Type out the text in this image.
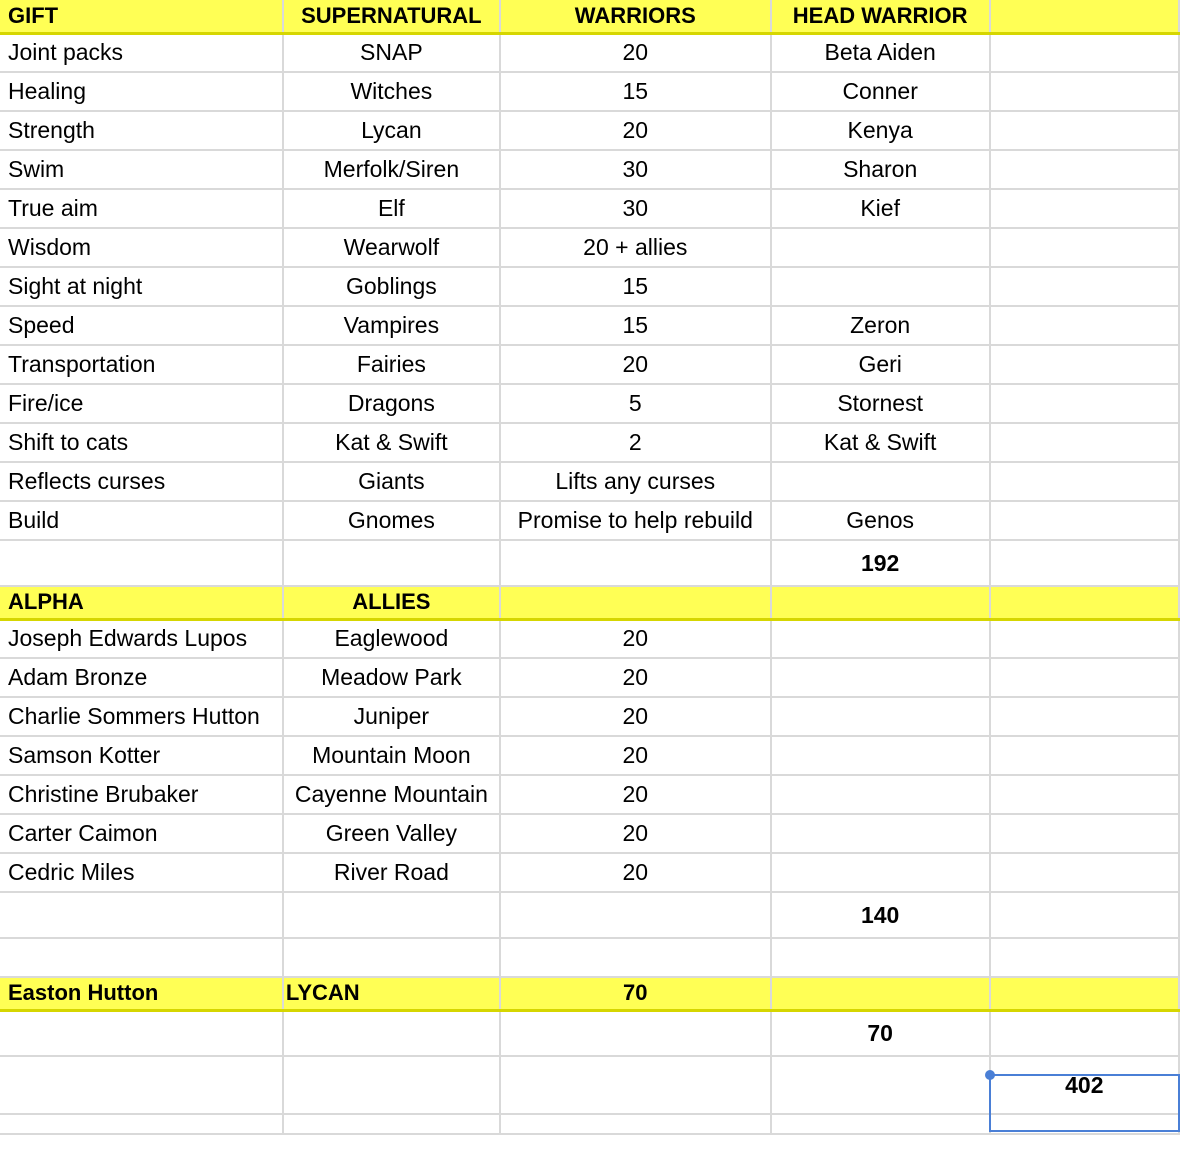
GIFT	SUPERNATURAL	WARRIORS	HEAD WARRIOR	
Joint packs	SNAP	20	Beta Aiden	
Healing	Witches	15	Conner	
Strength	Lycan	20	Kenya	
Swim	Merfolk/Siren	30	Sharon	
True aim	Elf	30	Kief	
Wisdom	Wearwolf	20 + allies		
Sight at night	Goblings	15		
Speed	Vampires	15	Zeron	
Transportation	Fairies	20	Geri	
Fire/ice	Dragons	5	Stornest	
Shift to cats	Kat & Swift	2	Kat & Swift	
Reflects curses	Giants	Lifts any curses		
Build	Gnomes	Promise to help rebuild	Genos	
			192	
ALPHA	ALLIES			
Joseph Edwards Lupos	Eaglewood	20		
Adam Bronze	Meadow Park	20		
Charlie Sommers Hutton	Juniper	20		
Samson Kotter	Mountain Moon	20		
Christine Brubaker	Cayenne Mountain	20		
Carter Caimon	Green Valley	20		
Cedric Miles	River Road	20		
			140	

Easton Hutton	LYCAN	70		
			70	
				402
